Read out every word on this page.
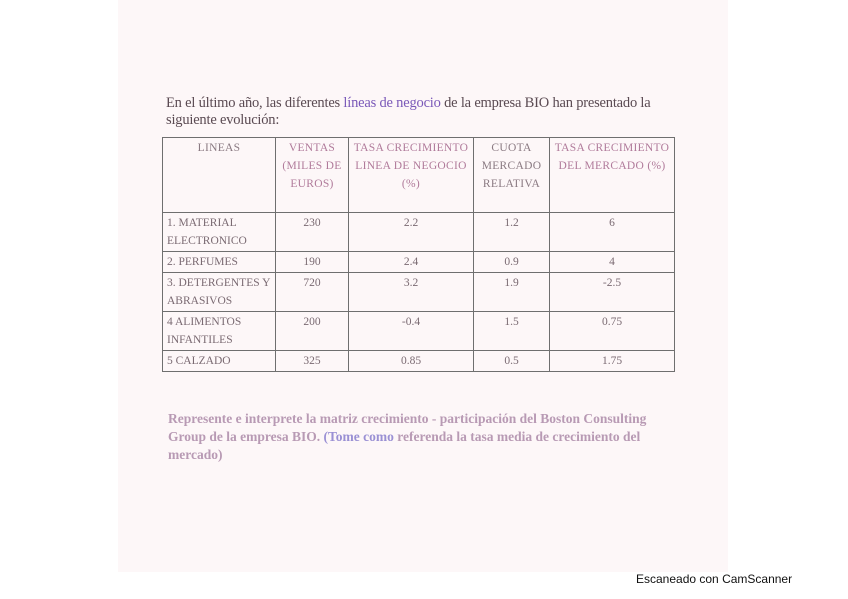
En el último año, las diferentes líneas de negocio de la empresa BIO han presentado la siguiente evolución:
LINEAS	VENTAS (MILES DE EUROS)	TASA CRECIMIENTO LINEA DE NEGOCIO (%)	CUOTA MERCADO RELATIVA	TASA CRECIMIENTO DEL MERCADO (%)
1. MATERIAL ELECTRONICO	230	2.2	1.2	6
2. PERFUMES	190	2.4	0.9	4
3. DETERGENTES Y ABRASIVOS	720	3.2	1.9	-2.5
4 ALIMENTOS INFANTILES	200	-0.4	1.5	0.75
5 CALZADO	325	0.85	0.5	1.75
Represente e interprete la matriz crecimiento - participación del Boston Consulting Group de la empresa BIO. (Tome como referenda la tasa media de crecimiento del mercado)
Escaneado con CamScanner
